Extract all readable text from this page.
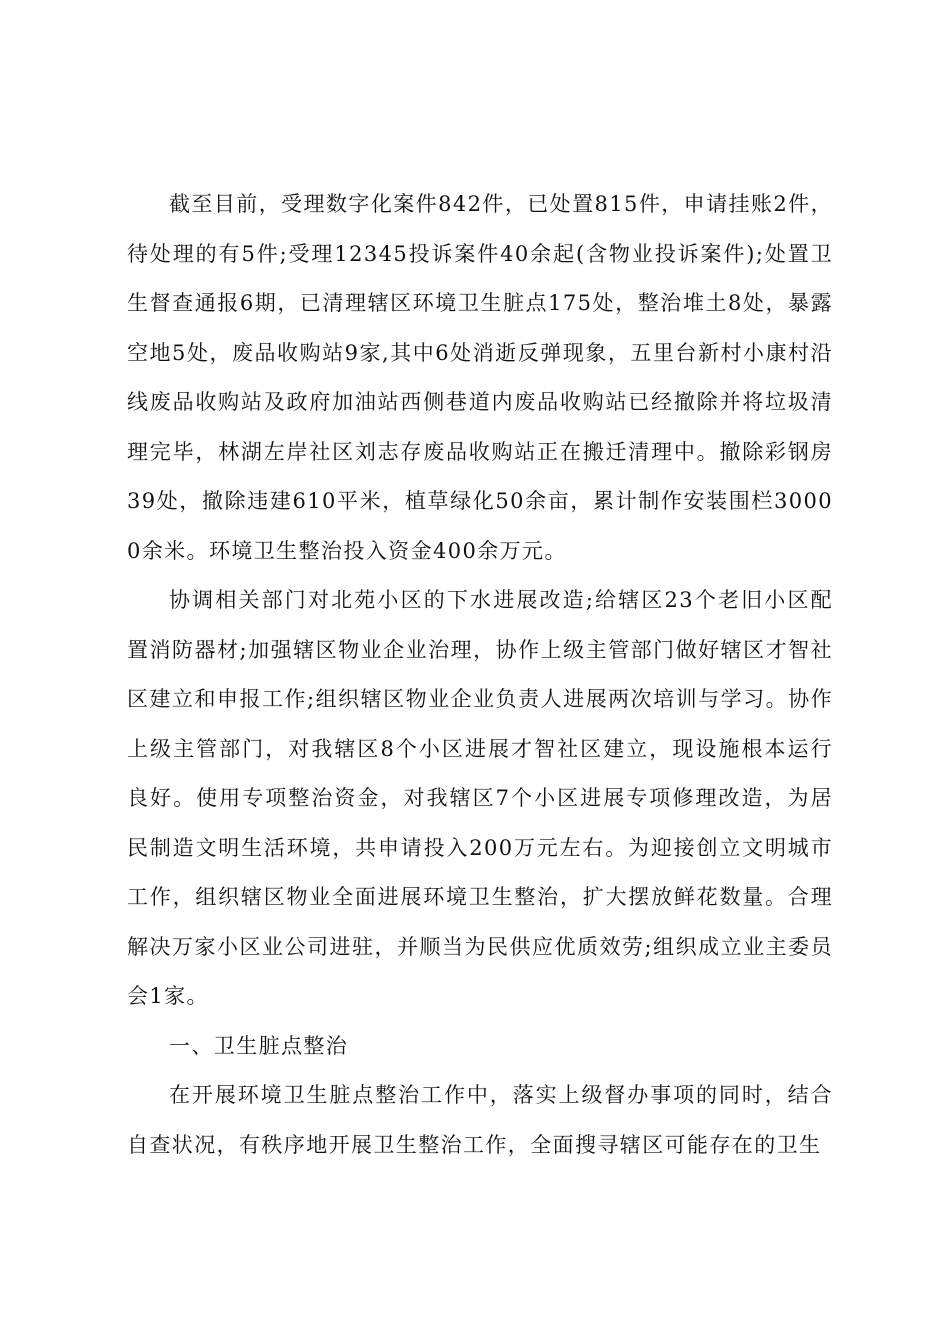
截至目前，受理数字化案件842件，已处置815件，申请挂账2件，待处理的有5件;受理12345投诉案件40余起(含物业投诉案件);处置卫生督查通报6期，已清理辖区环境卫生脏点175处，整治堆土8处，暴露空地5处，废品收购站9家,其中6处消逝反弹现象，五里台新村小康村沿线废品收购站及政府加油站西侧巷道内废品收购站已经撤除并将垃圾清理完毕，林湖左岸社区刘志存废品收购站正在搬迁清理中。撤除彩钢房39处，撤除违建610平米，植草绿化50余亩，累计制作安装围栏30000余米。环境卫生整治投入资金400余万元。

协调相关部门对北苑小区的下水进展改造;给辖区23个老旧小区配置消防器材;加强辖区物业企业治理，协作上级主管部门做好辖区才智社区建立和申报工作;组织辖区物业企业负责人进展两次培训与学习。协作上级主管部门，对我辖区8个小区进展才智社区建立，现设施根本运行良好。使用专项整治资金，对我辖区7个小区进展专项修理改造，为居民制造文明生活环境，共申请投入200万元左右。为迎接创立文明城市工作，组织辖区物业全面进展环境卫生整治，扩大摆放鲜花数量。合理解决万家小区业公司进驻，并顺当为民供应优质效劳;组织成立业主委员会1家。

一、卫生脏点整治

在开展环境卫生脏点整治工作中，落实上级督办事项的同时，结合自查状况，有秩序地开展卫生整治工作，全面搜寻辖区可能存在的卫生
